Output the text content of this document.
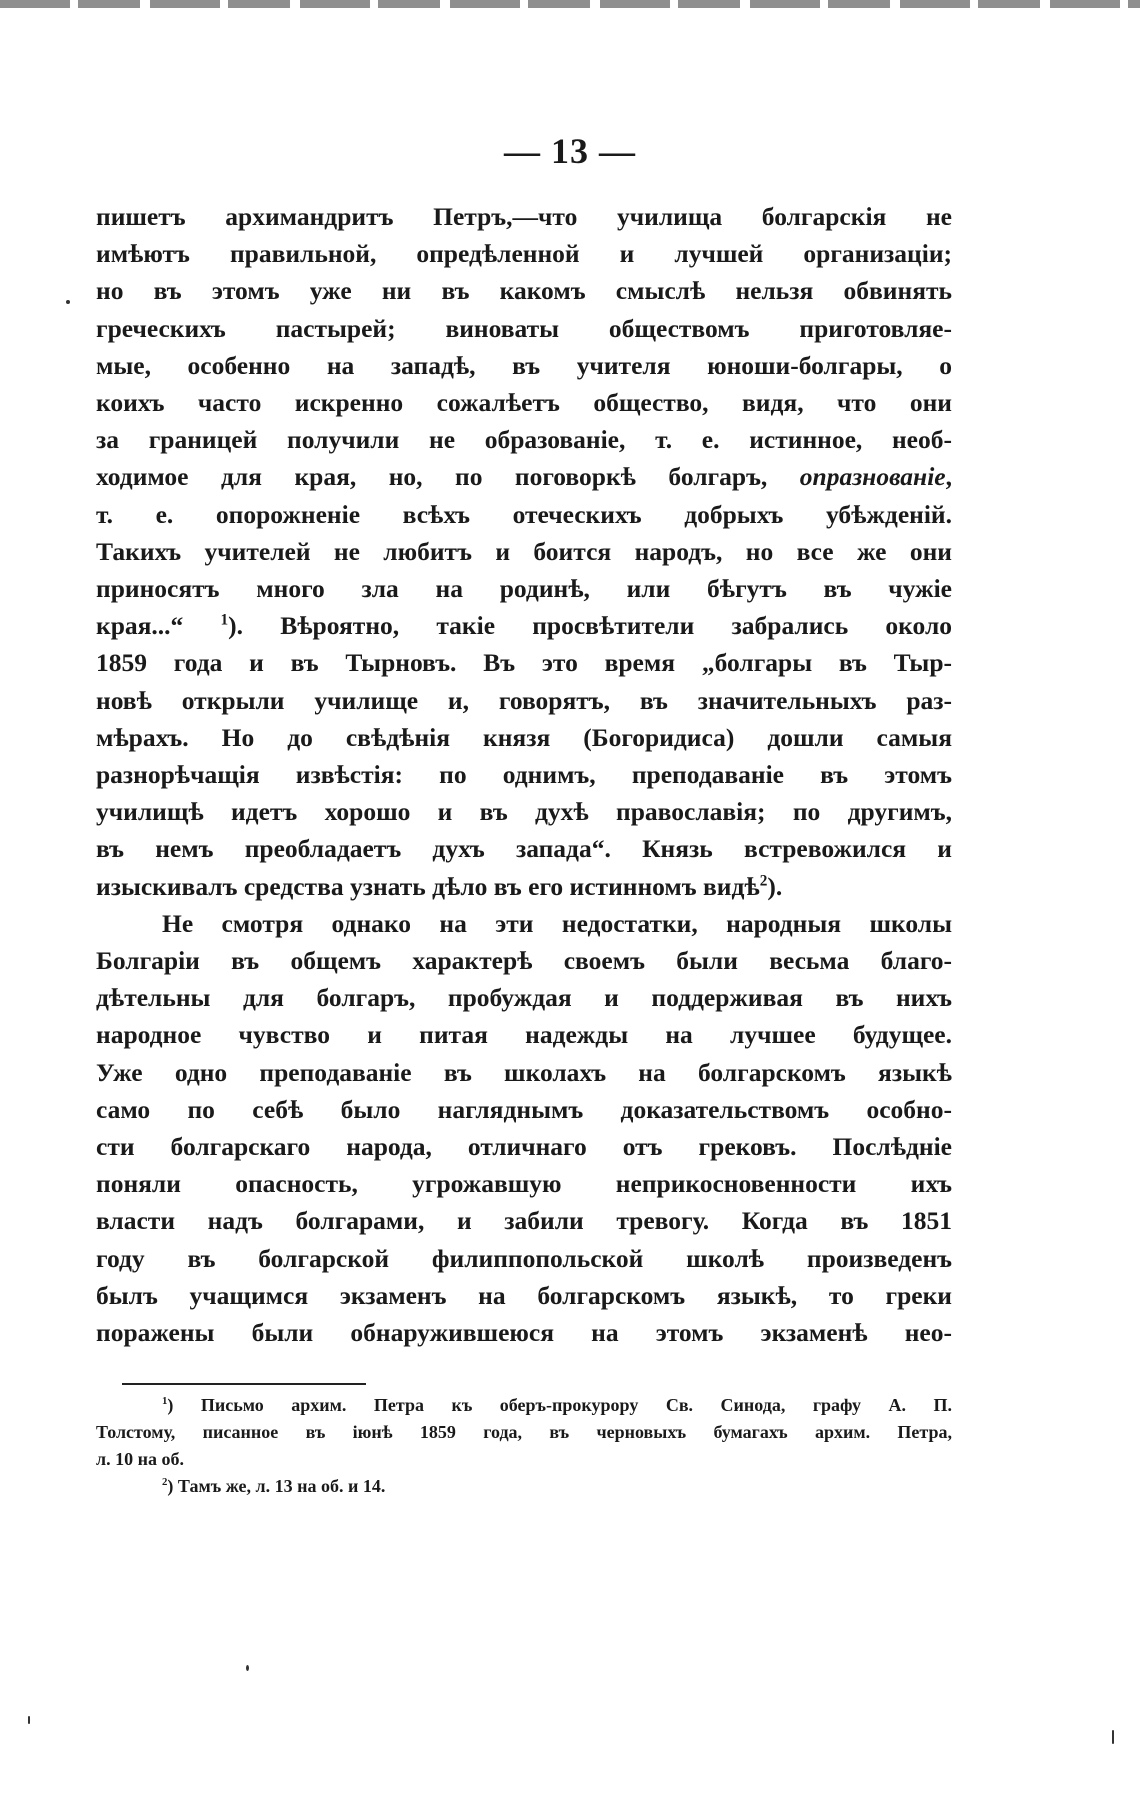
— 13 —
пишетъ архимандритъ Петръ,—что училища болгарскія не
имѣютъ правильной, опредѣленной и лучшей организаціи;
но въ этомъ уже ни въ какомъ смыслѣ нельзя обвинять
греческихъ пастырей; виноваты обществомъ приготовляе-
мые, особенно на западѣ, въ учителя юноши-болгары, о
коихъ часто искренно сожалѣетъ общество, видя, что они
за границей получили не образованіе, т. е. истинное, необ-
ходимое для края, но, по поговоркѣ болгаръ, опразнованіе,
т. е. опорожненіе всѣхъ отеческихъ добрыхъ убѣжденій.
Такихъ учителей не любитъ и боится народъ, но все же они
приносятъ много зла на родинѣ, или бѣгутъ въ чужіе
края...“ $^1$). Вѣроятно, такіе просвѣтители забрались около
1859 года и въ Тырновъ. Въ это время „болгары въ Тыр-
новѣ открыли училище и, говорятъ, въ значительныхъ раз-
мѣрахъ. Но до свѣдѣнія князя (Богоридиса) дошли самыя
разнорѣчащія извѣстія: по однимъ, преподаваніе въ этомъ
училищѣ идетъ хорошо и въ духѣ православія; по другимъ,
въ немъ преобладаетъ духъ запада“. Князь встревожился и
изыскивалъ средства узнать дѣло въ его истинномъ видѣ$^2$).
Не смотря однако на эти недостатки, народныя школы
Болгаріи въ общемъ характерѣ своемъ были весьма благо-
дѣтельны для болгаръ, пробуждая и поддерживая въ нихъ
народное чувство и питая надежды на лучшее будущее.
Уже одно преподаваніе въ школахъ на болгарскомъ языкѣ
само по себѣ было нагляднымъ доказательствомъ особно-
сти болгарскаго народа, отличнаго отъ грековъ. Послѣдніе
поняли опасность, угрожавшую неприкосновенности ихъ
власти надъ болгарами, и забили тревогу. Когда въ 1851
году въ болгарской филиппопольской школѣ произведенъ
былъ учащимся экзаменъ на болгарскомъ языкѣ, то греки
поражены были обнаружившеюся на этомъ экзаменѣ нео-
$^1$) Письмо архим. Петра къ оберъ-прокурору Св. Синода, графу А. П.
Толстому, писанное въ іюнѣ 1859 года, въ черновыхъ бумагахъ архим. Петра,
л. 10 на об.
$^2$) Тамъ же, л. 13 на об. и 14.
